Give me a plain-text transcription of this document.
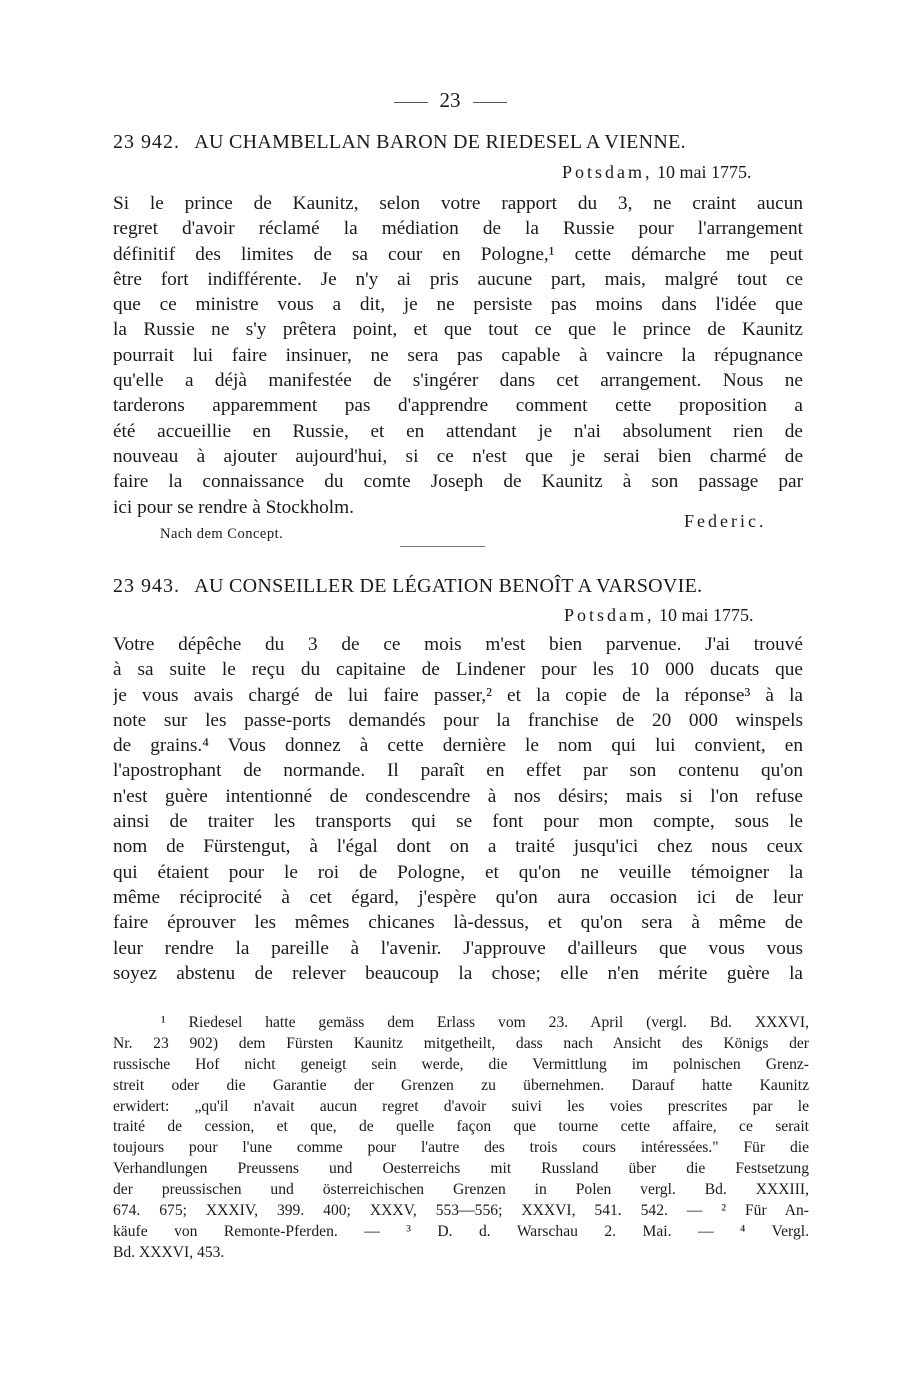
23
23 942. AU CHAMBELLAN BARON DE RIEDESEL A VIENNE.
Potsdam, 10 mai 1775.
Si le prince de Kaunitz, selon votre rapport du 3, ne craint aucun
regret d'avoir réclamé la médiation de la Russie pour l'arrangement
définitif des limites de sa cour en Pologne,¹ cette démarche me peut
être fort indifférente. Je n'y ai pris aucune part, mais, malgré tout ce
que ce ministre vous a dit, je ne persiste pas moins dans l'idée que
la Russie ne s'y prêtera point, et que tout ce que le prince de Kaunitz
pourrait lui faire insinuer, ne sera pas capable à vaincre la répugnance
qu'elle a déjà manifestée de s'ingérer dans cet arrangement. Nous ne
tarderons apparemment pas d'apprendre comment cette proposition a
été accueillie en Russie, et en attendant je n'ai absolument rien de
nouveau à ajouter aujourd'hui, si ce n'est que je serai bien charmé de
faire la connaissance du comte Joseph de Kaunitz à son passage par
ici pour se rendre à Stockholm.
Federic.
Nach dem Concept.
23 943. AU CONSEILLER DE LÉGATION BENOÎT A VARSOVIE.
Potsdam, 10 mai 1775.
Votre dépêche du 3 de ce mois m'est bien parvenue. J'ai trouvé
à sa suite le reçu du capitaine de Lindener pour les 10 000 ducats que
je vous avais chargé de lui faire passer,² et la copie de la réponse³ à la
note sur les passe-ports demandés pour la franchise de 20 000 winspels
de grains.⁴ Vous donnez à cette dernière le nom qui lui convient, en
l'apostrophant de normande. Il paraît en effet par son contenu qu'on
n'est guère intentionné de condescendre à nos désirs; mais si l'on refuse
ainsi de traiter les transports qui se font pour mon compte, sous le
nom de Fürstengut, à l'égal dont on a traité jusqu'ici chez nous ceux
qui étaient pour le roi de Pologne, et qu'on ne veuille témoigner la
même réciprocité à cet égard, j'espère qu'on aura occasion ici de leur
faire éprouver les mêmes chicanes là-dessus, et qu'on sera à même de
leur rendre la pareille à l'avenir. J'approuve d'ailleurs que vous vous
soyez abstenu de relever beaucoup la chose; elle n'en mérite guère la
¹ Riedesel hatte gemäss dem Erlass vom 23. April (vergl. Bd. XXXVI,
Nr. 23 902) dem Fürsten Kaunitz mitgetheilt, dass nach Ansicht des Königs der
russische Hof nicht geneigt sein werde, die Vermittlung im polnischen Grenz-
streit oder die Garantie der Grenzen zu übernehmen. Darauf hatte Kaunitz
erwidert: „qu'il n'avait aucun regret d'avoir suivi les voies prescrites par le
traité de cession, et que, de quelle façon que tourne cette affaire, ce serait
toujours pour l'une comme pour l'autre des trois cours intéressées." Für die
Verhandlungen Preussens und Oesterreichs mit Russland über die Festsetzung
der preussischen und österreichischen Grenzen in Polen vergl. Bd. XXXIII,
674. 675; XXXIV, 399. 400; XXXV, 553—556; XXXVI, 541. 542. — ² Für An-
käufe von Remonte-Pferden. — ³ D. d. Warschau 2. Mai. — ⁴ Vergl.
Bd. XXXVI, 453.
